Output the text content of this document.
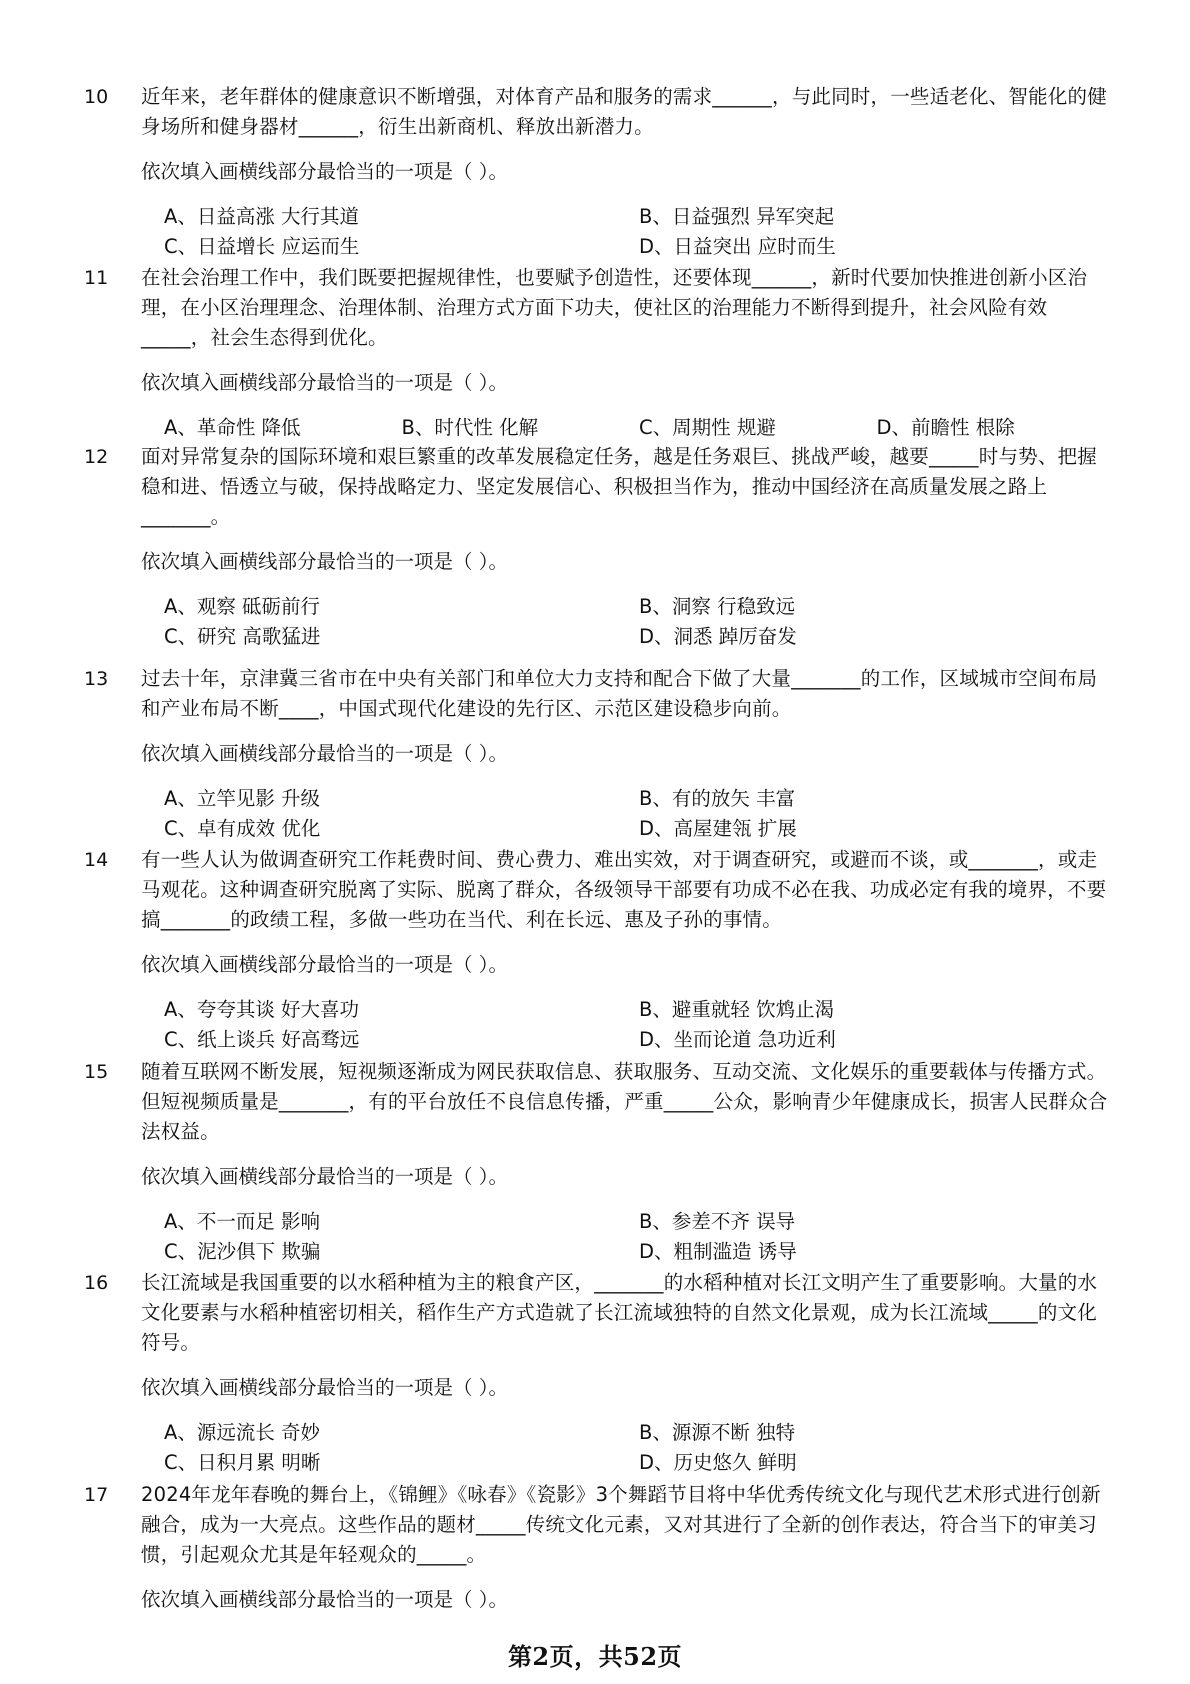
10 近年来，老年群体的健康意识不断增强，对体育产品和服务的需求______，与此同时，一些适老化、智能化的健身场所和健身器材______，衍生出新商机、释放出新潜力。
依次填入画横线部分最恰当的一项是（ ）。
A、日益高涨 大行其道	B、日益强烈 异军突起
C、日益增长 应运而生	D、日益突出 应时而生
11 在社会治理工作中，我们既要把握规律性，也要赋予创造性，还要体现______，新时代要加快推进创新小区治理，在小区治理理念、治理体制、治理方式方面下功夫，使社区的治理能力不断得到提升，社会风险有效_____，社会生态得到优化。
依次填入画横线部分最恰当的一项是（ ）。
A、革命性 降低	B、时代性 化解	C、周期性 规避	D、前瞻性 根除
12 面对异常复杂的国际环境和艰巨繁重的改革发展稳定任务，越是任务艰巨、挑战严峻，越要_____时与势、把握稳和进、悟透立与破，保持战略定力、坚定发展信心、积极担当作为，推动中国经济在高质量发展之路上_______。
依次填入画横线部分最恰当的一项是（ ）。
A、观察 砥砺前行	B、洞察 行稳致远
C、研究 高歌猛进	D、洞悉 踔厉奋发
13 过去十年，京津冀三省市在中央有关部门和单位大力支持和配合下做了大量_______的工作，区域城市空间布局和产业布局不断____，中国式现代化建设的先行区、示范区建设稳步向前。
依次填入画横线部分最恰当的一项是（ ）。
A、立竿见影 升级	B、有的放矢 丰富
C、卓有成效 优化	D、高屋建瓴 扩展
14 有一些人认为做调查研究工作耗费时间、费心费力、难出实效，对于调查研究，或避而不谈，或_______，或走马观花。这种调查研究脱离了实际、脱离了群众，各级领导干部要有功成不必在我、功成必定有我的境界，不要搞_______的政绩工程，多做一些功在当代、利在长远、惠及子孙的事情。
依次填入画横线部分最恰当的一项是（ ）。
A、夸夸其谈 好大喜功	B、避重就轻 饮鸩止渴
C、纸上谈兵 好高骛远	D、坐而论道 急功近利
15 随着互联网不断发展，短视频逐渐成为网民获取信息、获取服务、互动交流、文化娱乐的重要载体与传播方式。但短视频质量是_______，有的平台放任不良信息传播，严重_____公众，影响青少年健康成长，损害人民群众合法权益。
依次填入画横线部分最恰当的一项是（ ）。
A、不一而足 影响	B、参差不齐 误导
C、泥沙俱下 欺骗	D、粗制滥造 诱导
16 长江流域是我国重要的以水稻种植为主的粮食产区，_______的水稻种植对长江文明产生了重要影响。大量的水文化要素与水稻种植密切相关，稻作生产方式造就了长江流域独特的自然文化景观，成为长江流域_____的文化符号。
依次填入画横线部分最恰当的一项是（ ）。
A、源远流长 奇妙	B、源源不断 独特
C、日积月累 明晰	D、历史悠久 鲜明
17 2024年龙年春晚的舞台上，《锦鲤》《咏春》《瓷影》3个舞蹈节目将中华优秀传统文化与现代艺术形式进行创新融合，成为一大亮点。这些作品的题材_____传统文化元素，又对其进行了全新的创作表达，符合当下的审美习惯，引起观众尤其是年轻观众的_____。
依次填入画横线部分最恰当的一项是（ ）。
第2页，共52页
